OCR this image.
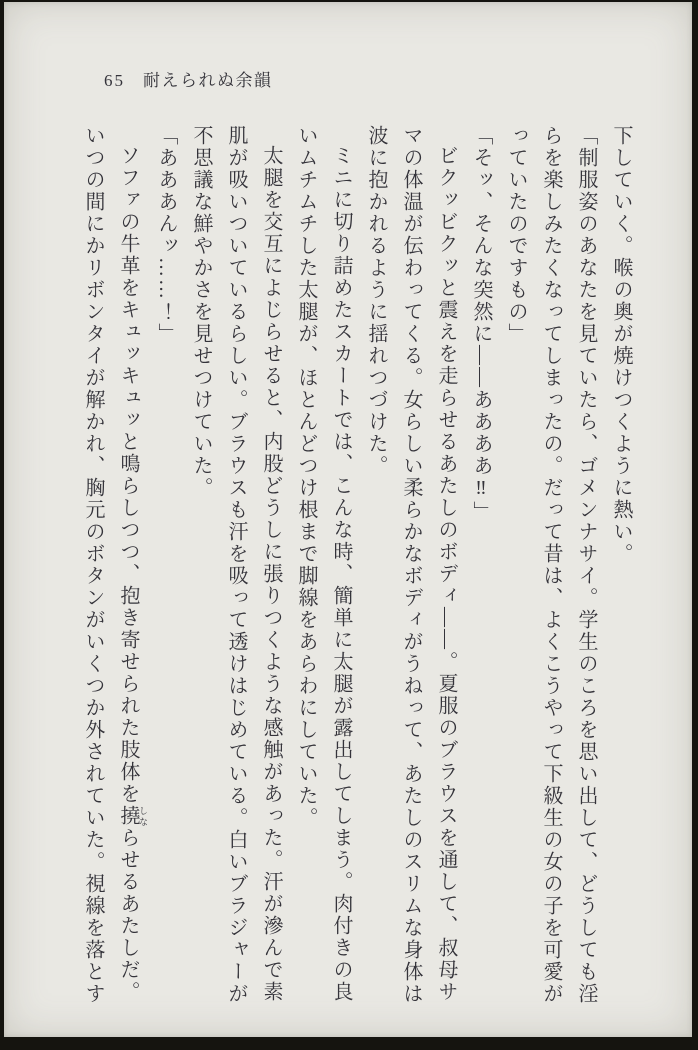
65 耐えられぬ余韻

下していく。喉の奥が焼けつくように熱い。

「制服姿のあなたを見ていたら、ゴメンナサイ。学生のころを思い出して、どうしても淫らを楽しみたくなってしまったの。だって昔は、よくこうやって下級生の女の子を可愛がっていたのですもの」

「そッ、そんな突然に――ああああ‼」

ビクッビクッと震えを走らせるあたしのボディ――。夏服のブラウスを通して、叔母サマの体温が伝わってくる。女らしい柔らかなボディがうねって、あたしのスリムな身体は波に抱かれるように揺れつづけた。

ミニに切り詰めたスカートでは、こんな時、簡単に太腿が露出してしまう。肉付きの良いムチムチした太腿が、ほとんどつけ根まで脚線をあらわにしていた。

太腿を交互によじらせると、内股どうしに張りつくような感触があった。汗が滲んで素肌が吸いついているらしい。ブラウスも汗を吸って透けはじめている。白いブラジャーが不思議な鮮やかさを見せつけていた。

「あああんッ……！」

ソファの牛革をキュッキュッと鳴らしつつ、抱き寄せられた肢体を撓 しならせるあたしだ。いつの間にかリボンタイが解かれ、胸元のボタンがいくつか外されていた。視線を落とす
